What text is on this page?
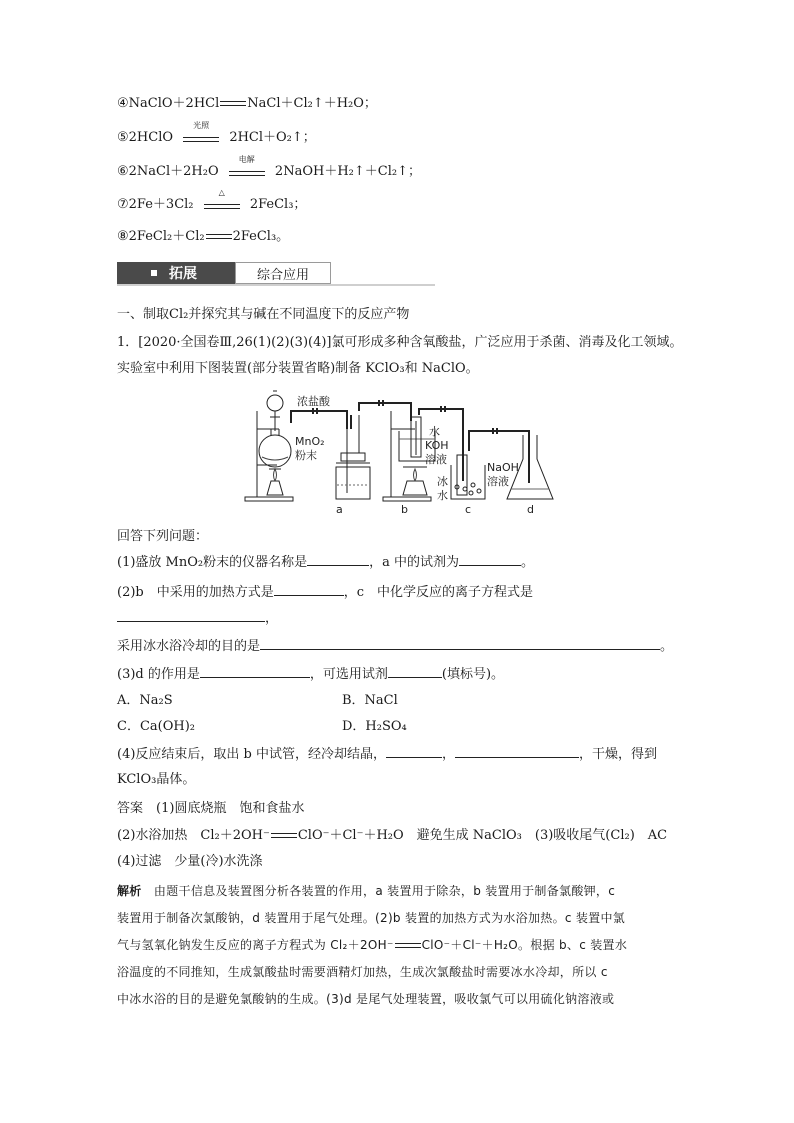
④NaClO＋2HCl NaCl＋Cl₂↑＋H₂O；
⑤2HClO
光照
2HCl＋O₂↑；
⑥2NaCl＋2H₂O
电解
2NaOH＋H₂↑＋Cl₂↑；
⑦2Fe＋3Cl₂
△
2FeCl₃；
⑧2FeCl₂＋Cl₂ 2FeCl₃。
拓展	综合应用
一、制取Cl₂并探究其与碱在不同温度下的反应产物
1．[2020·全国卷Ⅲ,26(1)(2)(3)(4)]氯可形成多种含氧酸盐，广泛应用于杀菌、消毒及化工领域。
实验室中利用下图装置(部分装置省略)制备 KClO₃和 NaClO。
浓盐酸
MnO₂
粉末
水
KOH
溶液
冰
水
NaOH
溶液
a	b	c	d
回答下列问题：
(1)盛放 MnO₂粉末的仪器名称是	，a 中的试剂为	。
(2)b　中采用的加热方式是	，c　中化学反应的离子方程式是
，
采用冰水浴冷却的目的是	。
(3)d 的作用是	，可选用试剂	(填标号)。
A．Na₂S	B．NaCl
C．Ca(OH)₂	D．H₂SO₄
(4)反应结束后，取出 b 中试管，经冷却结晶，	，	，干燥，得到
KClO₃晶体。
答案　 (1)圆底烧瓶　饱和食盐水
(2)水浴加热　Cl₂＋2OH⁻ ClO⁻＋Cl⁻＋H₂O　避免生成 NaClO₃　(3)吸收尾气(Cl₂)　AC
(4)过滤　少量(冷)水洗涤
解析　 由题干信息及装置图分析各装置的作用，a 装置用于除杂，b 装置用于制备氯酸钾，c
装置用于制备次氯酸钠，d 装置用于尾气处理。(2)b 装置的加热方式为水浴加热。c 装置中氯
气与氢氧化钠发生反应的离子方程式为 Cl₂＋2OH⁻ ClO⁻＋Cl⁻＋H₂O。根据 b、c 装置水
浴温度的不同推知，生成氯酸盐时需要酒精灯加热，生成次氯酸盐时需要冰水冷却，所以 c
中冰水浴的目的是避免氯酸钠的生成。(3)d 是尾气处理装置，吸收氯气可以用硫化钠溶液或
